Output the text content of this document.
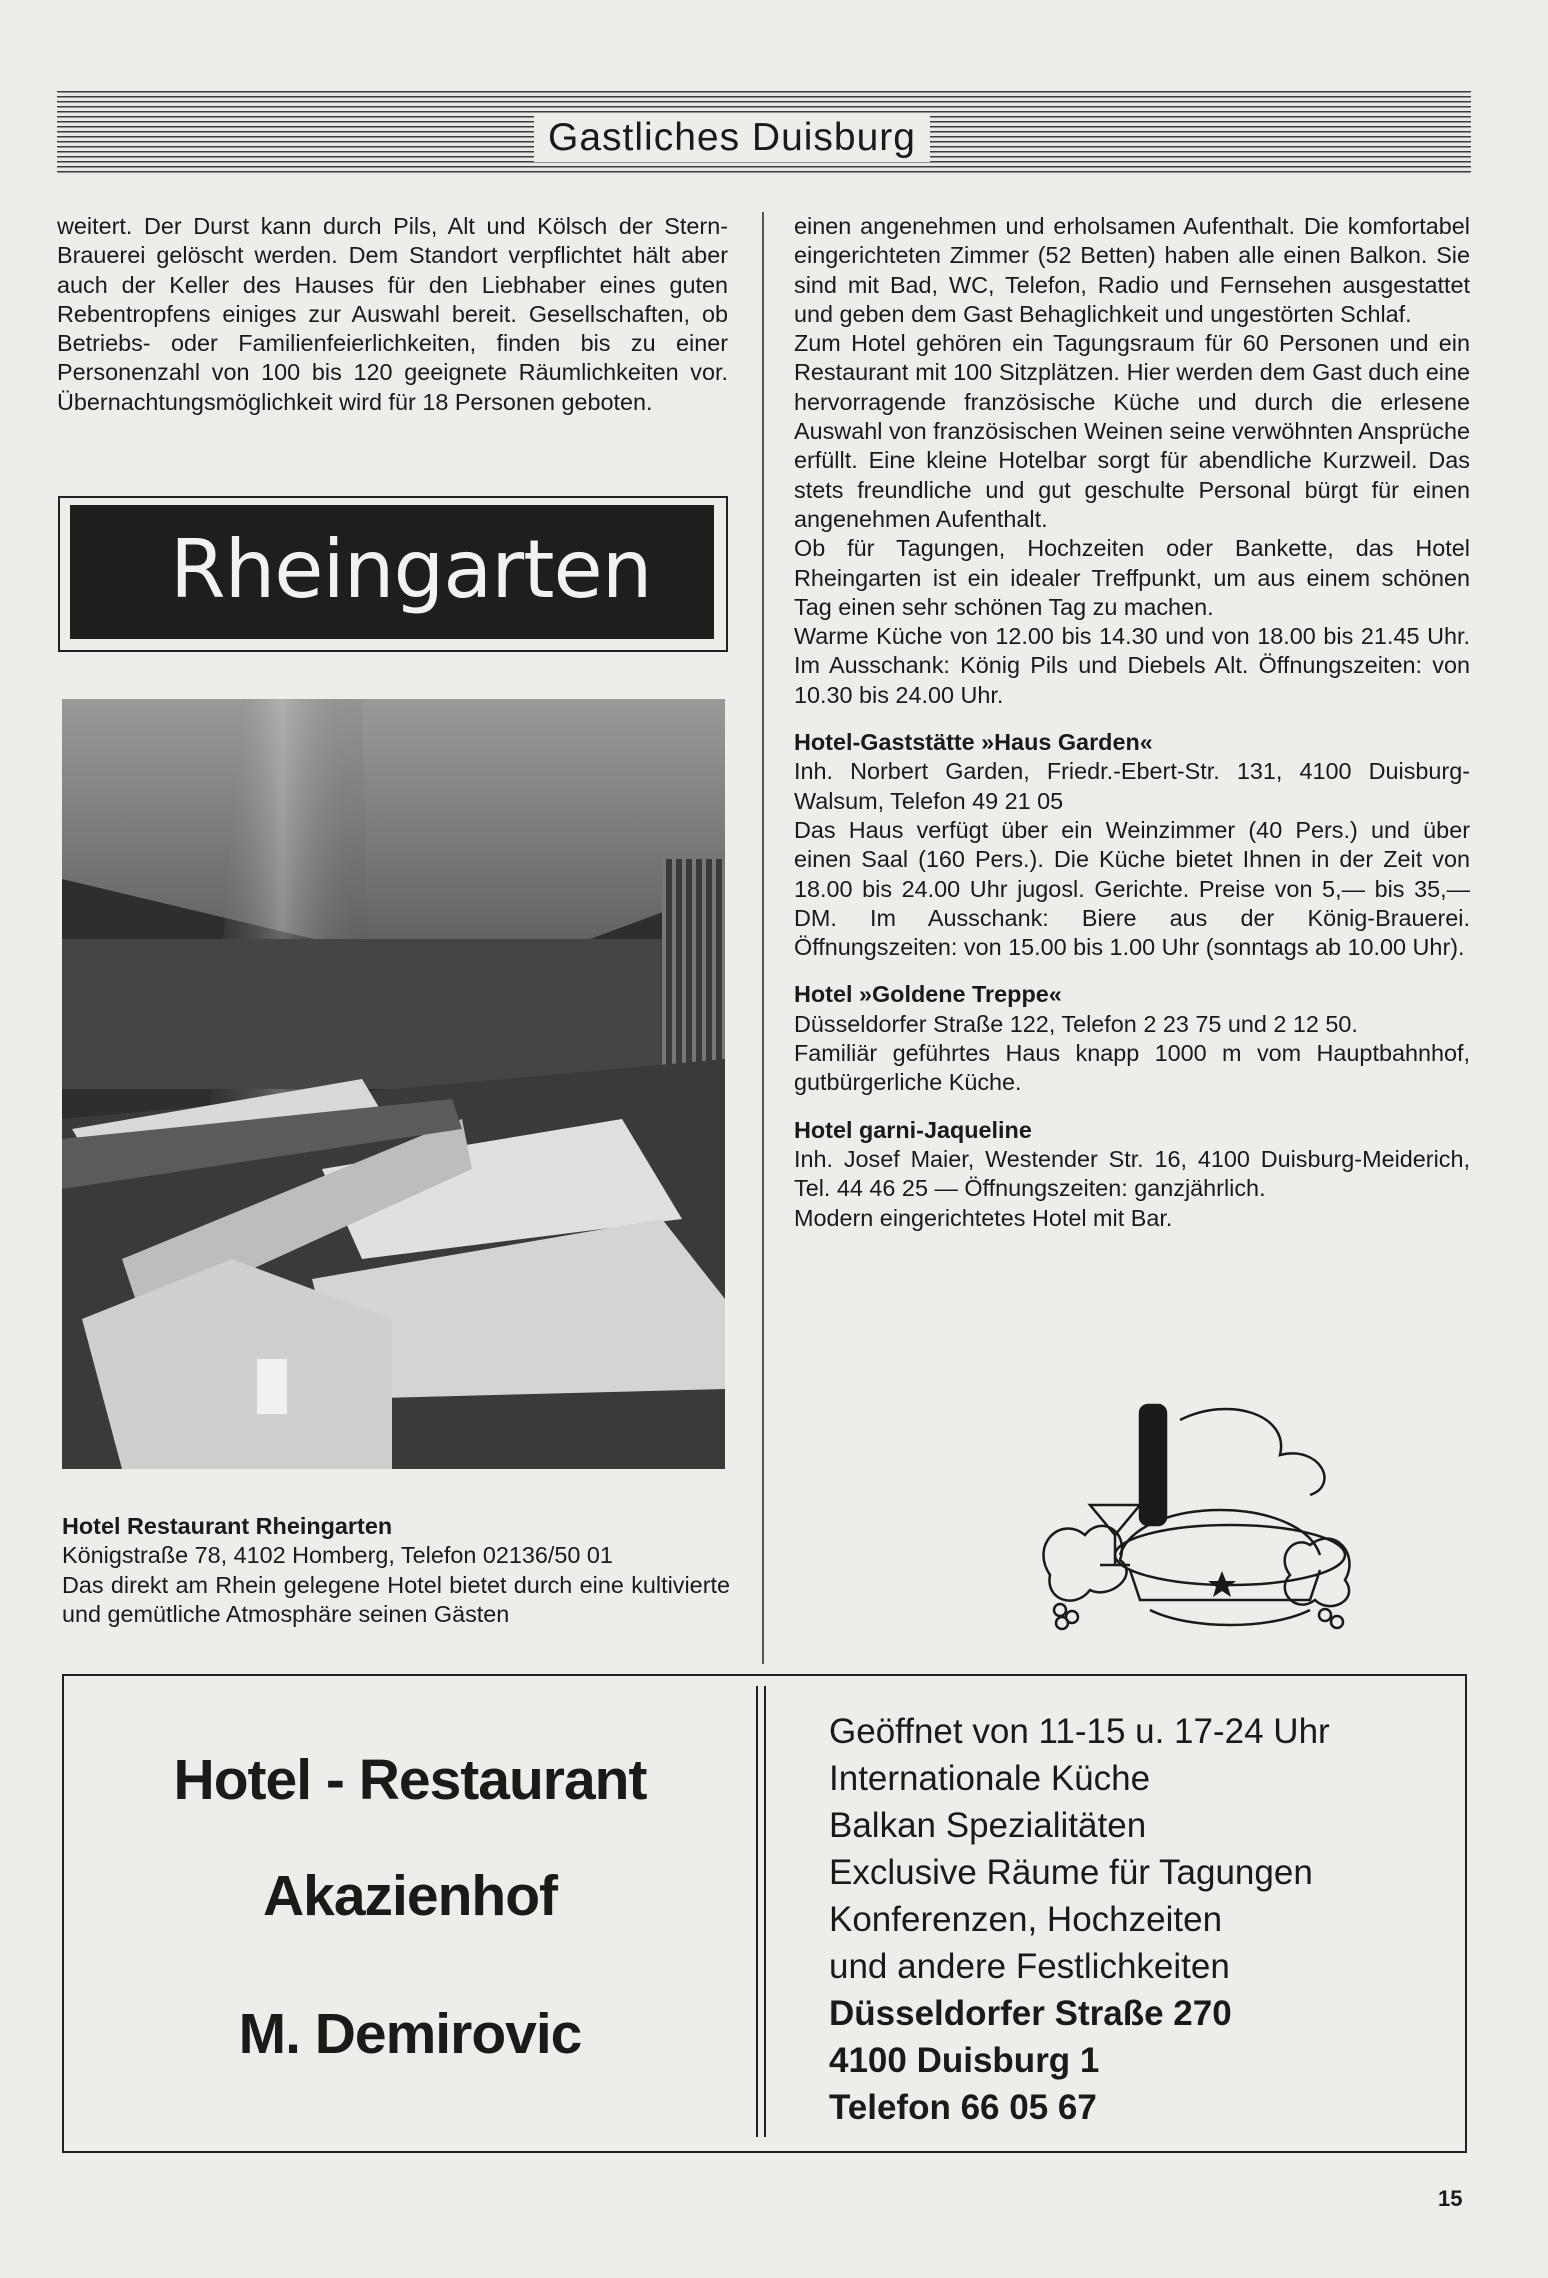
Gastliches Duisburg

weitert. Der Durst kann durch Pils, Alt und Kölsch der Stern-Brauerei gelöscht werden. Dem Standort verpflichtet hält aber auch der Keller des Hauses für den Liebhaber eines guten Rebentropfens einiges zur Auswahl bereit. Gesellschaften, ob Betriebs- oder Familienfeierlichkeiten, finden bis zu einer Personenzahl von 100 bis 120 geeignete Räumlichkeiten vor. Übernachtungsmöglichkeit wird für 18 Personen geboten.

Rheingarten

Hotel Restaurant Rheingarten

Königstraße 78, 4102 Homberg, Telefon 02136/50 01

Das direkt am Rhein gelegene Hotel bietet durch eine kultivierte und gemütliche Atmosphäre seinen Gästen

einen angenehmen und erholsamen Aufenthalt. Die komfortabel eingerichteten Zimmer (52 Betten) haben alle einen Balkon. Sie sind mit Bad, WC, Telefon, Radio und Fernsehen ausgestattet und geben dem Gast Behaglichkeit und ungestörten Schlaf.

Zum Hotel gehören ein Tagungsraum für 60 Personen und ein Restaurant mit 100 Sitzplätzen. Hier werden dem Gast duch eine hervorragende französische Küche und durch die erlesene Auswahl von französischen Weinen seine verwöhnten Ansprüche erfüllt. Eine kleine Hotelbar sorgt für abendliche Kurzweil. Das stets freundliche und gut geschulte Personal bürgt für einen angenehmen Aufenthalt.

Ob für Tagungen, Hochzeiten oder Bankette, das Hotel Rheingarten ist ein idealer Treffpunkt, um aus einem schönen Tag einen sehr schönen Tag zu machen.

Warme Küche von 12.00 bis 14.30 und von 18.00 bis 21.45 Uhr. Im Ausschank: König Pils und Diebels Alt. Öffnungszeiten: von 10.30 bis 24.00 Uhr.

Hotel-Gaststätte »Haus Garden«

Inh. Norbert Garden, Friedr.-Ebert-Str. 131, 4100 Duisburg-Walsum, Telefon 49 21 05

Das Haus verfügt über ein Weinzimmer (40 Pers.) und über einen Saal (160 Pers.). Die Küche bietet Ihnen in der Zeit von 18.00 bis 24.00 Uhr jugosl. Gerichte. Preise von 5,— bis 35,— DM. Im Ausschank: Biere aus der König-Brauerei. Öffnungszeiten: von 15.00 bis 1.00 Uhr (sonntags ab 10.00 Uhr).

Hotel »Goldene Treppe«

Düsseldorfer Straße 122, Telefon 2 23 75 und 2 12 50.

Familiär geführtes Haus knapp 1000 m vom Hauptbahnhof, gutbürgerliche Küche.

Hotel garni-Jaqueline

Inh. Josef Maier, Westender Str. 16, 4100 Duisburg-Meiderich, Tel. 44 46 25 — Öffnungszeiten: ganzjährlich.

Modern eingerichtetes Hotel mit Bar.

Hotel - Restaurant
Akazienhof
M. Demirovic
Geöffnet von 11-15 u. 17-24 Uhr
Internationale Küche
Balkan Spezialitäten
Exclusive Räume für Tagungen
Konferenzen, Hochzeiten
und andere Festlichkeiten
Düsseldorfer Straße 270
4100 Duisburg 1
Telefon 66 05 67
15
